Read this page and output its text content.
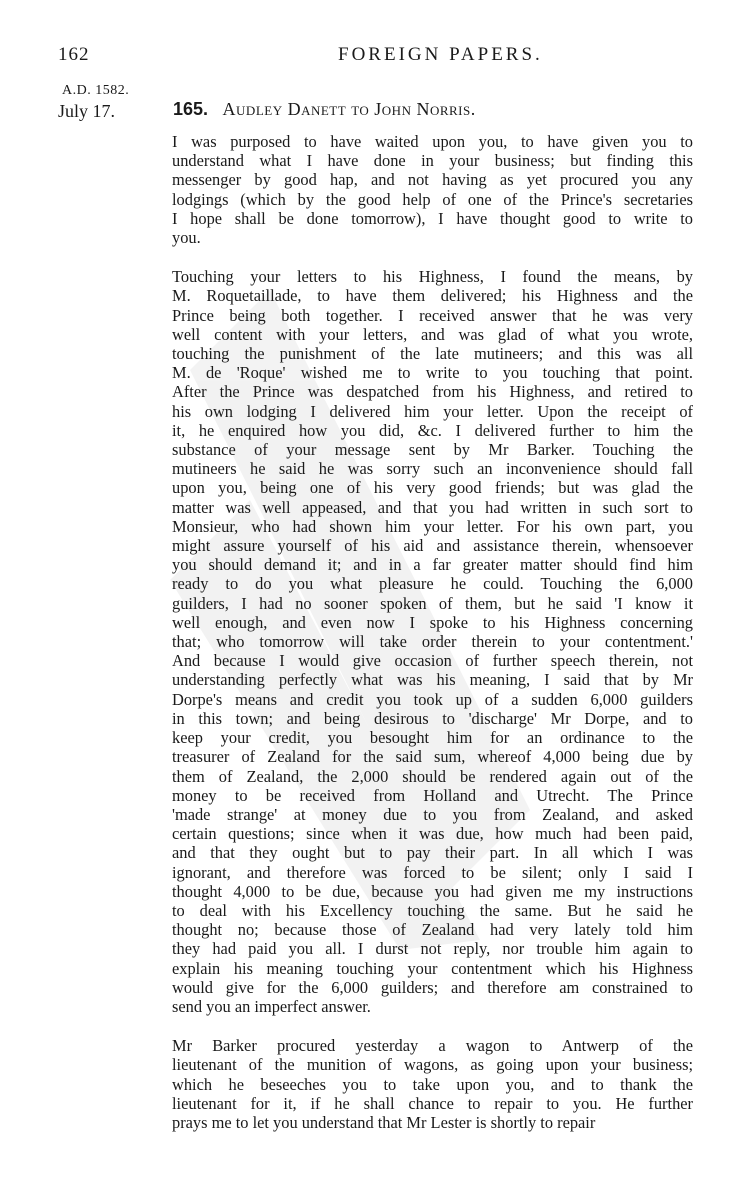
162	FOREIGN PAPERS.
A.D. 1582.
July 17.	165. Audley Danett to John Norris.
I was purposed to have waited upon you, to have given you to
understand what I have done in your business; but finding this
messenger by good hap, and not having as yet procured you any
lodgings (which by the good help of one of the Prince's secretaries
I hope shall be done tomorrow), I have thought good to write to
you.
Touching your letters to his Highness, I found the means, by
M. Roquetaillade, to have them delivered; his Highness and the
Prince being both together. I received answer that he was very
well content with your letters, and was glad of what you wrote,
touching the punishment of the late mutineers; and this was all
M. de 'Roque' wished me to write to you touching that point.
After the Prince was despatched from his Highness, and retired to
his own lodging I delivered him your letter. Upon the receipt of
it, he enquired how you did, &c. I delivered further to him the
substance of your message sent by Mr Barker. Touching the
mutineers he said he was sorry such an inconvenience should fall
upon you, being one of his very good friends; but was glad the
matter was well appeased, and that you had written in such sort to
Monsieur, who had shown him your letter. For his own part, you
might assure yourself of his aid and assistance therein, whensoever
you should demand it; and in a far greater matter should find him
ready to do you what pleasure he could. Touching the 6,000
guilders, I had no sooner spoken of them, but he said 'I know it
well enough, and even now I spoke to his Highness concerning
that; who tomorrow will take order therein to your contentment.'
And because I would give occasion of further speech therein, not
understanding perfectly what was his meaning, I said that by Mr
Dorpe's means and credit you took up of a sudden 6,000 guilders
in this town; and being desirous to 'discharge' Mr Dorpe, and to
keep your credit, you besought him for an ordinance to the
treasurer of Zealand for the said sum, whereof 4,000 being due by
them of Zealand, the 2,000 should be rendered again out of the
money to be received from Holland and Utrecht. The Prince
'made strange' at money due to you from Zealand, and asked
certain questions; since when it was due, how much had been paid,
and that they ought but to pay their part. In all which I was
ignorant, and therefore was forced to be silent; only I said I
thought 4,000 to be due, because you had given me my instructions
to deal with his Excellency touching the same. But he said he
thought no; because those of Zealand had very lately told him
they had paid you all. I durst not reply, nor trouble him again to
explain his meaning touching your contentment which his Highness
would give for the 6,000 guilders; and therefore am constrained to
send you an imperfect answer.
Mr Barker procured yesterday a wagon to Antwerp of the
lieutenant of the munition of wagons, as going upon your business;
which he beseeches you to take upon you, and to thank the
lieutenant for it, if he shall chance to repair to you. He further
prays me to let you understand that Mr Lester is shortly to repair
